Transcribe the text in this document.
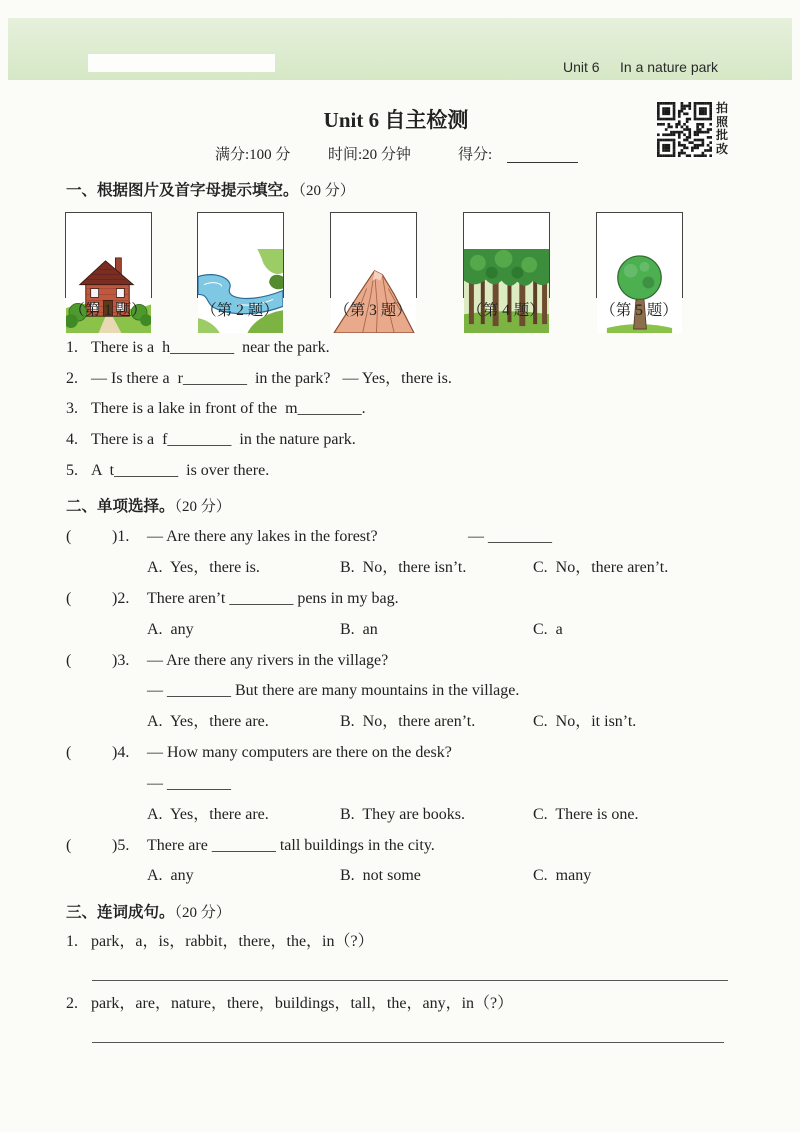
Unit 6 In a nature park
Unit 6 自主检测	拍照批改
满分:100 分	时间:20 分钟	得分:
一、根据图片及首字母提示填空。（20 分）

（第 1 题）	（第 2 题）	（第 3 题）	（第 4 题）	（第 5 题）
1. There is a  h________  near the park.
2. — Is there a  r________  in the park?   — Yes，there is.
3. There is a lake in front of the  m________.
4. There is a  f________  in the nature park.
5. A  t________  is over there.
二、单项选择。（20 分）
(	)1. — Are there any lakes in the forest?	— ________
A.  Yes，there is.	B.  No，there isn’t.	C.  No，there aren’t.
(	)2. There aren’t ________ pens in my bag.
A.  any	B.  an	C.  a
(	)3. — Are there any rivers in the village?
— ________ But there are many mountains in the village.
A.  Yes，there are.	B.  No，there aren’t.	C.  No，it isn’t.
(	)4. — How many computers are there on the desk?
— ________
A.  Yes，there are.	B.  They are books.	C.  There is one.
(	)5. There are ________ tall buildings in the city.
A.  any	B.  not some	C.  many
三、连词成句。（20 分）
1. park，a，is，rabbit，there，the，in（?）
2. park，are，nature，there，buildings，tall，the，any，in（?）
